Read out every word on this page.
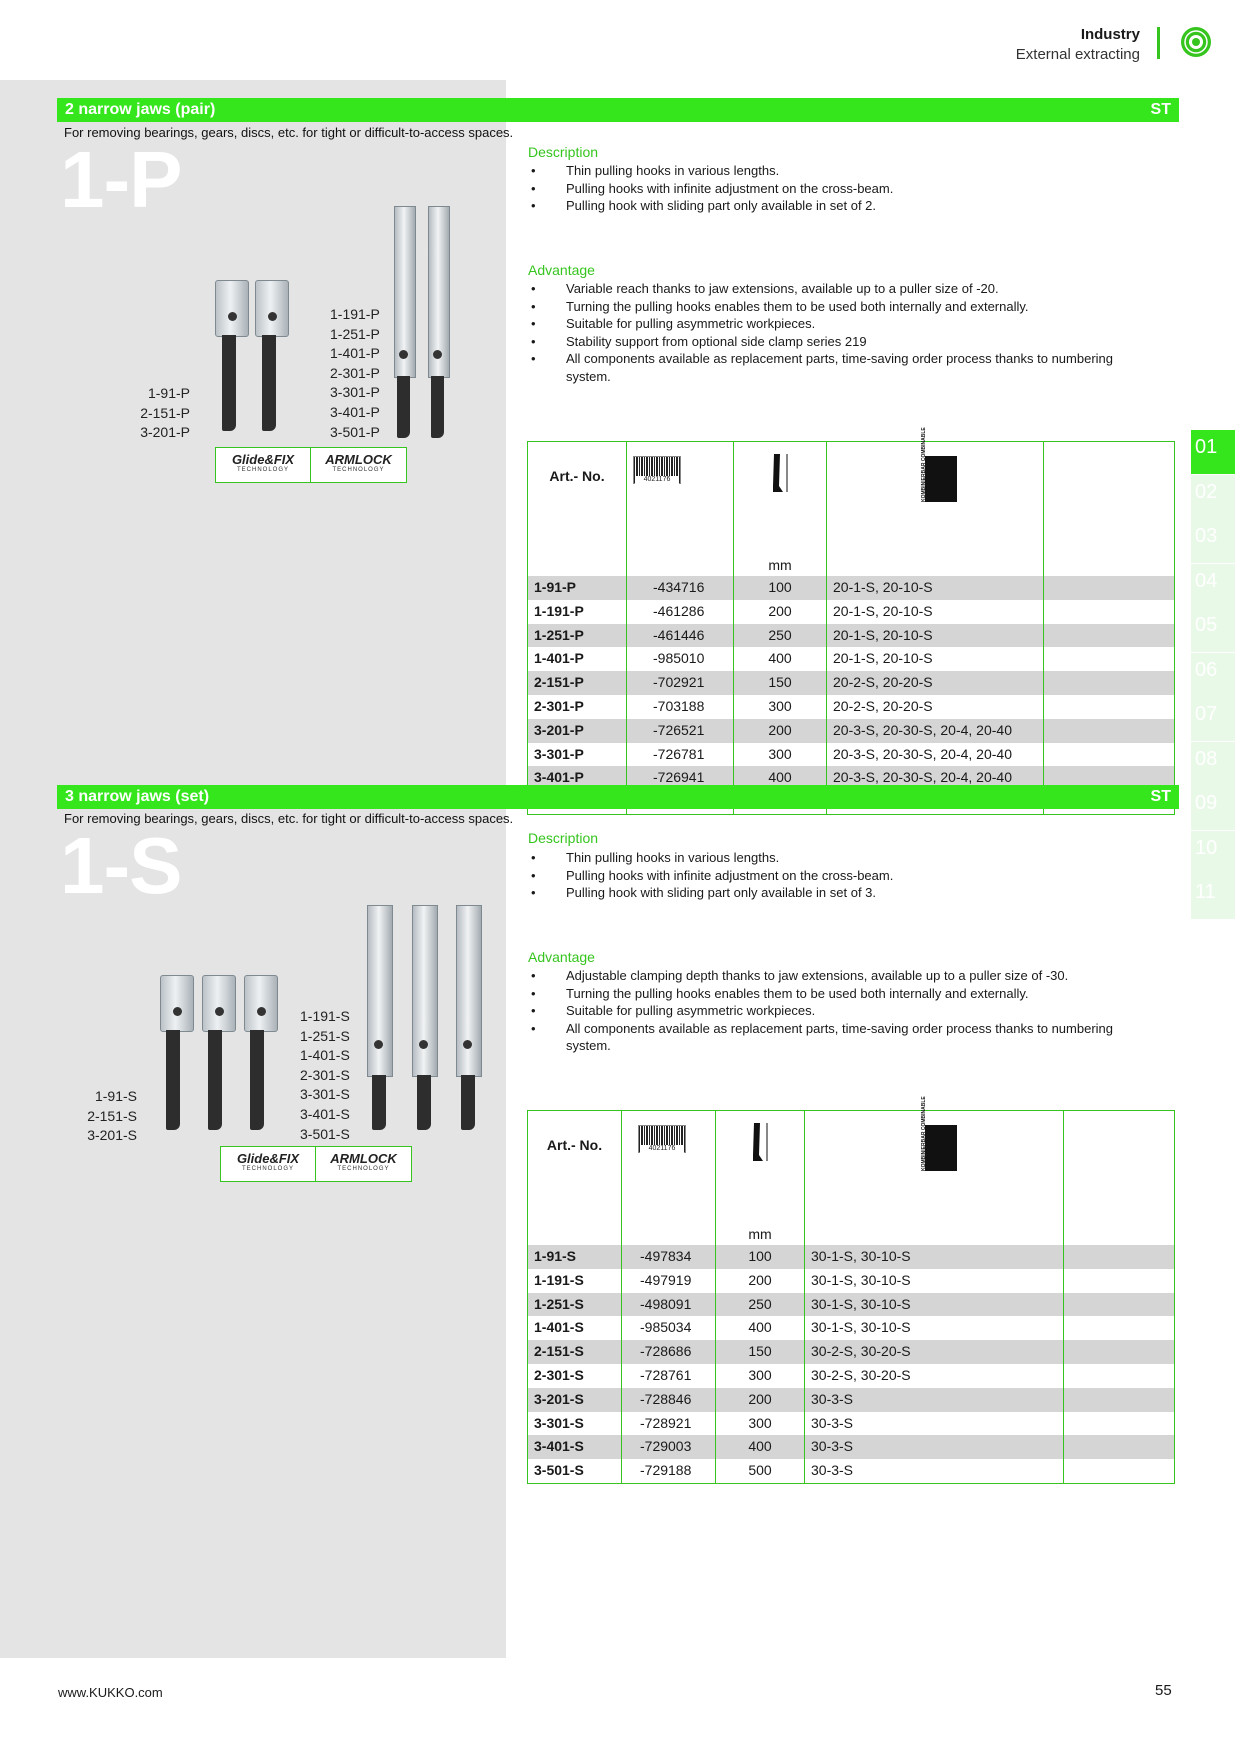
Industry
External extracting
2 narrow jaws (pair)	ST
For removing bearings, gears, discs, etc. for tight or difficult-to-access spaces.
1-P	Description
• Thin pulling hooks in various lengths.
• Pulling hooks with infinite adjustment on the cross-beam.
• Pulling hook with sliding part only available in set of 2.
Advantage
• Variable reach thanks to jaw extensions, available up to a puller size of -20.
• Turning the pulling hooks enables them to be used both internally and externally.
• Suitable for pulling asymmetric workpieces.
• Stability support from optional side clamp series 219
• All components available as replacement parts, time-saving order process thanks to numbering system.
1-91-P
2-151-P
3-201-P
1-191-P
1-251-P
1-401-P
2-301-P
3-301-P
3-401-P
3-501-P
Glide&FIX
TECHNOLOGY
ARMLOCK
TECHNOLOGY	Art.- No.	4021176		KOMBINIERBAR COMBINABLE	

		mm		
1-91-P	-434716	100	20-1-S, 20-10-S	
1-191-P	-461286	200	20-1-S, 20-10-S	
1-251-P	-461446	250	20-1-S, 20-10-S	
1-401-P	-985010	400	20-1-S, 20-10-S	
2-151-P	-702921	150	20-2-S, 20-20-S	
2-301-P	-703188	300	20-2-S, 20-20-S	
3-201-P	-726521	200	20-3-S, 20-30-S, 20-4, 20-40	
3-301-P	-726781	300	20-3-S, 20-30-S, 20-4, 20-40	
3-401-P	-726941	400	20-3-S, 20-30-S, 20-4, 20-40	

3 narrow jaws (set)	ST
For removing bearings, gears, discs, etc. for tight or difficult-to-access spaces.
1-S	Description
• Thin pulling hooks in various lengths.
• Pulling hooks with infinite adjustment on the cross-beam.
• Pulling hook with sliding part only available in set of 3.
Advantage
• Adjustable clamping depth thanks to jaw extensions, available up to a puller size of -30.
• Turning the pulling hooks enables them to be used both internally and externally.
• Suitable for pulling asymmetric workpieces.
• All components available as replacement parts, time-saving order process thanks to numbering system.
1-91-S
2-151-S
3-201-S
1-191-S
1-251-S
1-401-S
2-301-S
3-301-S
3-401-S
3-501-S
Glide&FIX
TECHNOLOGY
ARMLOCK
TECHNOLOGY
Art.- No.	4021176		KOMBINIERBAR COMBINABLE	

		mm		
1-91-S	-497834	100	30-1-S, 30-10-S	
1-191-S	-497919	200	30-1-S, 30-10-S	
1-251-S	-498091	250	30-1-S, 30-10-S	
1-401-S	-985034	400	30-1-S, 30-10-S	
2-151-S	-728686	150	30-2-S, 30-20-S	
2-301-S	-728761	300	30-2-S, 30-20-S	
3-201-S	-728846	200	30-3-S	
3-301-S	-728921	300	30-3-S	
3-401-S	-729003	400	30-3-S	
3-501-S	-729188	500	30-3-S	
01
02
03
04
05
06
07
08
09
10
11
www.KUKKO.com	55
